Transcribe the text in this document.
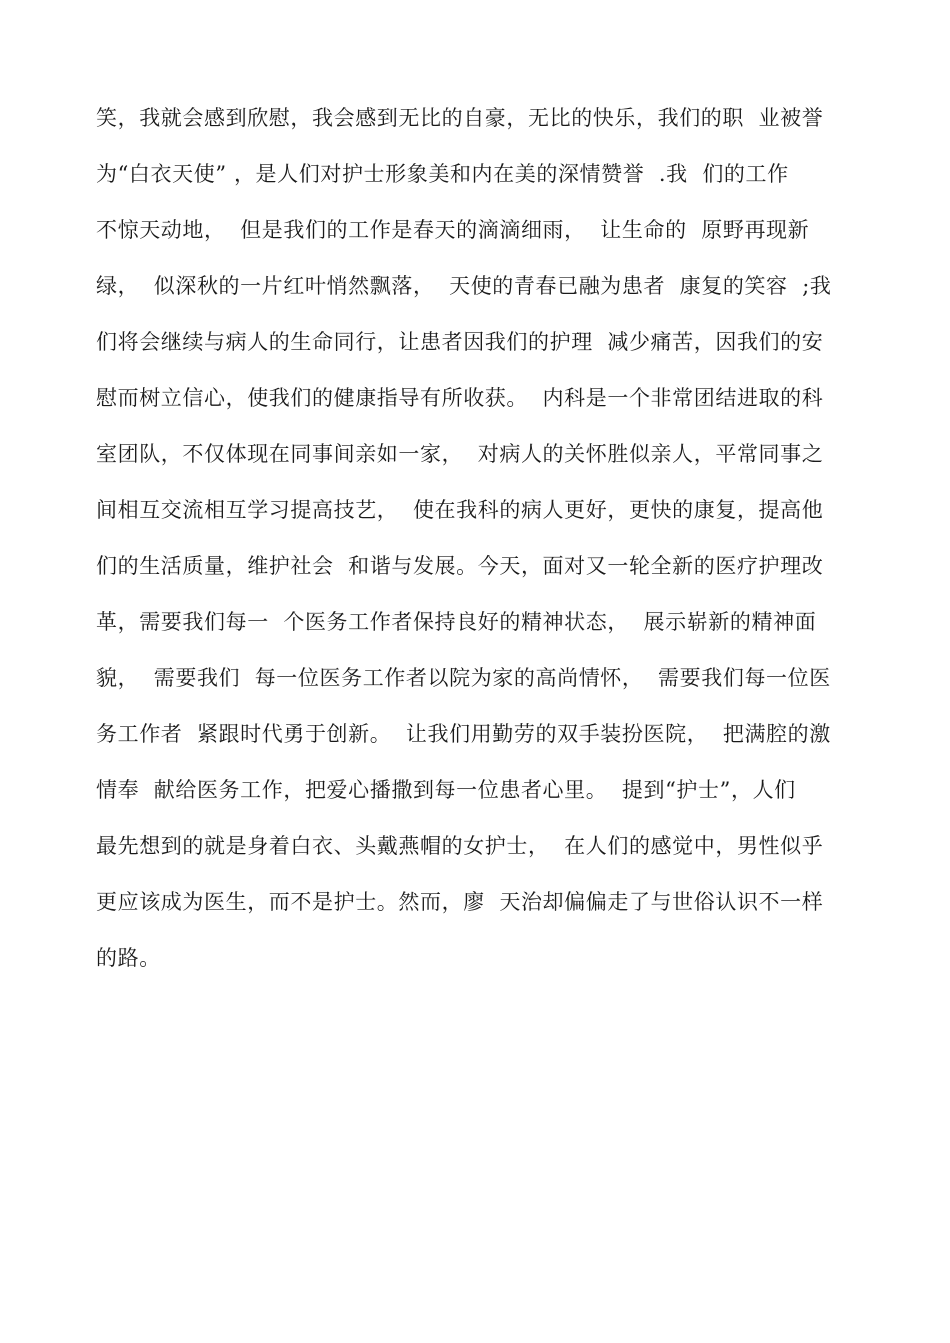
笑，我就会感到欣慰，我会感到无比的自豪，无比的快乐，我们的职  业被誉
为“白衣天使” ，是人们对护士形象美和内在美的深情赞誉  .我  们的工作
不惊天动地，  但是我们的工作是春天的滴滴细雨，  让生命的  原野再现新
绿，  似深秋的一片红叶悄然飘落，  天使的青春已融为患者  康复的笑容  ;我
们将会继续与病人的生命同行，让患者因我们的护理  减少痛苦，因我们的安
慰而树立信心，使我们的健康指导有所收获。  内科是一个非常团结进取的科
室团队，不仅体现在同事间亲如一家，  对病人的关怀胜似亲人，平常同事之
间相互交流相互学习提高技艺，  使在我科的病人更好，更快的康复，提高他
们的生活质量，维护社会  和谐与发展。今天，面对又一轮全新的医疗护理改
革，需要我们每一  个医务工作者保持良好的精神状态，  展示崭新的精神面
貌，  需要我们  每一位医务工作者以院为家的高尚情怀，  需要我们每一位医
务工作者  紧跟时代勇于创新。  让我们用勤劳的双手装扮医院，  把满腔的激
情奉  献给医务工作，把爱心播撒到每一位患者心里。  提到“护士”，人们
最先想到的就是身着白衣、头戴燕帽的女护士，  在人们的感觉中，男性似乎
更应该成为医生，而不是护士。然而，廖  天治却偏偏走了与世俗认识不一样
的路。
